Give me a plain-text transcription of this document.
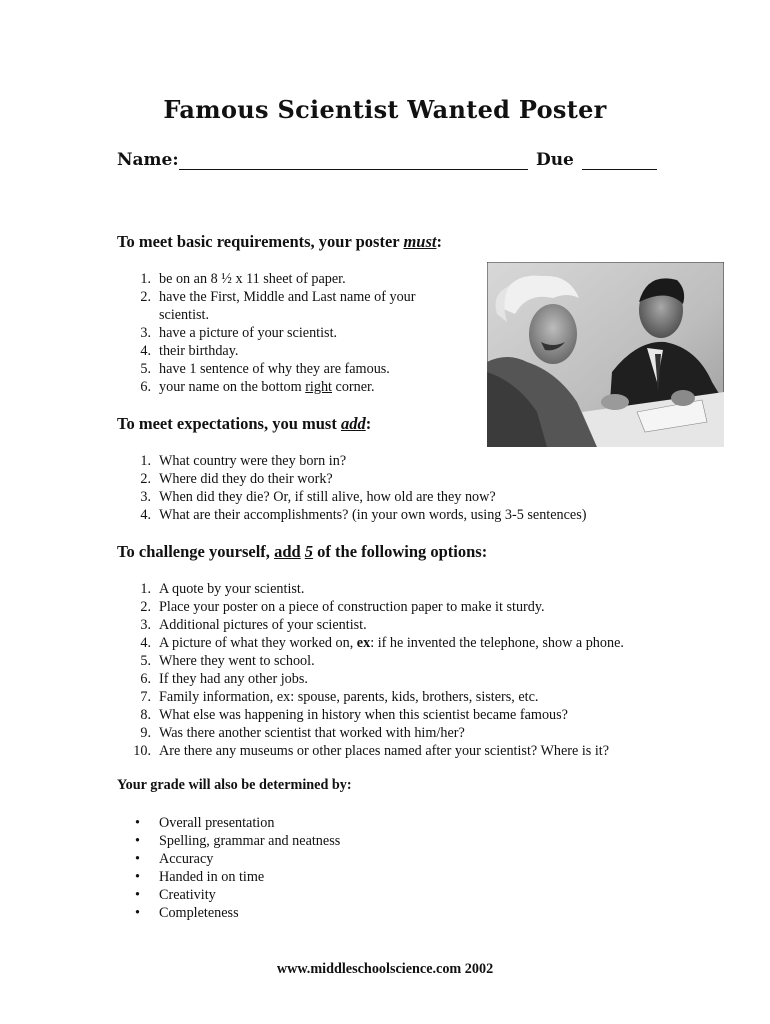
Famous Scientist Wanted Poster
Name:	Due
To meet basic requirements, your poster must:
1. be on an 8 ½ x 11 sheet of paper.
2. have the First, Middle and Last name of your
scientist.
3. have a picture of your scientist.
4. their birthday.
5. have 1 sentence of why they are famous.
6. your name on the bottom right corner.
To meet expectations, you must add:
1. What country were they born in?
2. Where did they do their work?
3. When did they die? Or, if still alive, how old are they now?
4. What are their accomplishments? (in your own words, using 3-5 sentences)
To challenge yourself, add 5 of the following options:
1. A quote by your scientist.
2. Place your poster on a piece of construction paper to make it sturdy.
3. Additional pictures of your scientist.
4. A picture of what they worked on, ex: if he invented the telephone, show a phone.
5. Where they went to school.
6. If they had any other jobs.
7. Family information, ex: spouse, parents, kids, brothers, sisters, etc.
8. What else was happening in history when this scientist became famous?
9. Was there another scientist that worked with him/her?
10. Are there any museums or other places named after your scientist? Where is it?
Your grade will also be determined by:
• Overall presentation
• Spelling, grammar and neatness
• Accuracy
• Handed in on time
• Creativity
• Completeness
www.middleschoolscience.com 2002
